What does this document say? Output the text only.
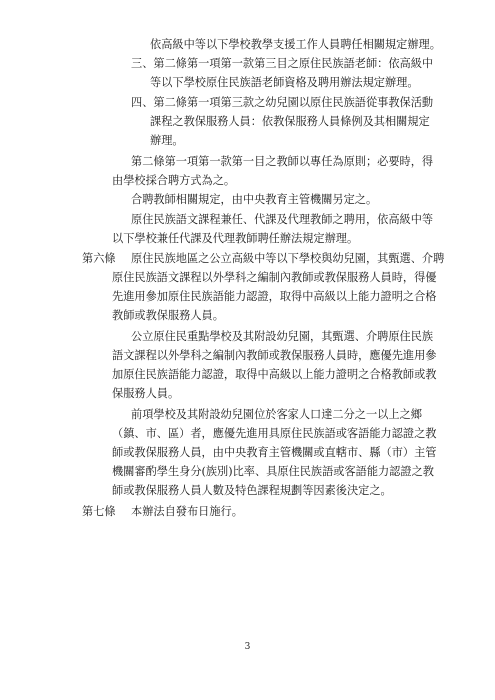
依高級中等以下學校教學支援工作人員聘任相關規定辦理。
三、第二條第一項第一款第三目之原住民族語老師：依高級中
等以下學校原住民族語老師資格及聘用辦法規定辦理。
四、第二條第一項第三款之幼兒園以原住民族語從事教保活動
課程之教保服務人員：依教保服務人員條例及其相關規定
辦理。
第二條第一項第一款第一目之教師以專任為原則；必要時，得
由學校採合聘方式為之。
合聘教師相關規定，由中央教育主管機關另定之。
原住民族語文課程兼任、代課及代理教師之聘用，依高級中等
以下學校兼任代課及代理教師聘任辦法規定辦理。
原住民族地區之公立高級中等以下學校與幼兒園，其甄選、介聘
原住民族語文課程以外學科之編制內教師或教保服務人員時，得優
先進用參加原住民族語能力認證，取得中高級以上能力證明之合格
教師或教保服務人員。
公立原住民重點學校及其附設幼兒園，其甄選、介聘原住民族
語文課程以外學科之編制內教師或教保服務人員時，應優先進用參
加原住民族語能力認證，取得中高級以上能力證明之合格教師或教
保服務人員。
前項學校及其附設幼兒園位於客家人口達二分之一以上之鄉
（鎮、市、區）者，應優先進用具原住民族語或客語能力認證之教
師或教保服務人員，由中央教育主管機關或直轄市、縣（市）主管
機關審酌學生身分(族別)比率、具原住民族語或客語能力認證之教
師或教保服務人員人數及特色課程規劃等因素後決定之。
本辦法自發布日施行。
第六條
第七條
3
